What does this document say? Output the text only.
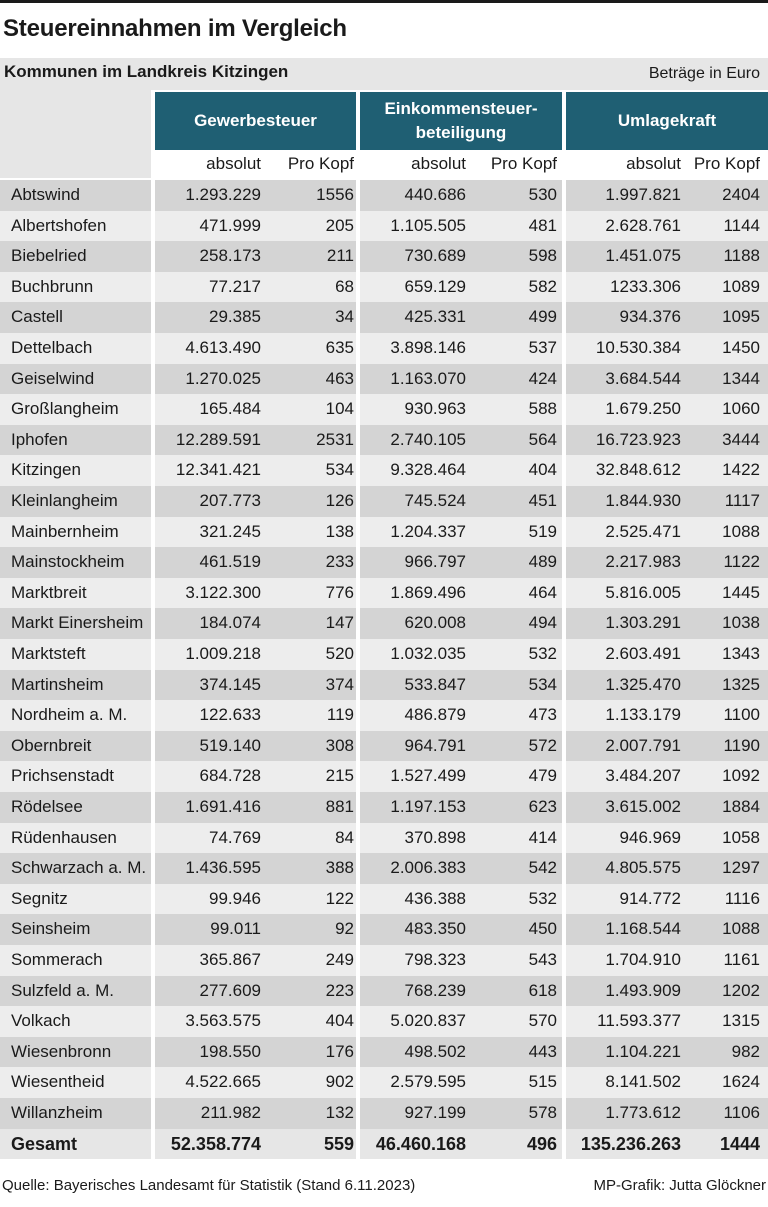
Steuereinnahmen im Vergleich
Kommunen im Landkreis Kitzingen	Beträge in Euro
Gewerbesteuer
Einkommensteuer-beteiligung
Umlagekraft
absolut Pro Kopf	absolut Pro Kopf	absolut Pro Kopf
Abtswind	1.293.229	1556	440.686	530	1.997.821 2404
Albertshofen	471.999	205 1.105.505	481	2.628.761 1144
Biebelried	258.173	211	730.689	598	1.451.075 1188
Buchbrunn	77.217	68	659.129	582	1233.306 1089
Castell	29.385	34	425.331	499	934.376 1095
Dettelbach	4.613.490	635 3.898.146	537 10.530.384 1450
Geiselwind	1.270.025	463 1.163.070	424	3.684.544 1344
Großlangheim	165.484	104	930.963	588	1.679.250 1060
Iphofen	12.289.591	2531 2.740.105	564 16.723.923 3444
Kitzingen	12.341.421	534 9.328.464	404 32.848.612 1422
Kleinlangheim	207.773	126	745.524	451	1.844.930	1117
Mainbernheim	321.245	138 1.204.337	519	2.525.471 1088
Mainstockheim	461.519	233	966.797	489	2.217.983 1122
Marktbreit	3.122.300	776 1.869.496	464	5.816.005 1445
Markt Einersheim	184.074	147	620.008	494	1.303.291 1038
Marktsteft	1.009.218	520 1.032.035	532	2.603.491 1343
Martinsheim	374.145	374	533.847	534	1.325.470 1325
Nordheim a. M.	122.633	119	486.879	473	1.133.179 1100
Obernbreit	519.140	308	964.791	572	2.007.791 1190
Prichsenstadt	684.728	215 1.527.499	479	3.484.207 1092
Rödelsee	1.691.416	881 1.197.153	623	3.615.002 1884
Rüdenhausen	74.769	84	370.898	414	946.969 1058
Schwarzach a. M. 1.436.595	388 2.006.383	542	4.805.575 1297
Segnitz	99.946	122	436.388	532	914.772	1116
Seinsheim	99.011	92	483.350	450	1.168.544 1088
Sommerach	365.867	249	798.323	543	1.704.910 1161
Sulzfeld a. M.	277.609	223	768.239	618	1.493.909 1202
Volkach	3.563.575	404 5.020.837	570 11.593.377 1315
Wiesenbronn	198.550	176	498.502	443	1.104.221	982
Wiesentheid	4.522.665	902 2.579.595	515	8.141.502 1624
Willanzheim	211.982	132	927.199	578	1.773.612 1106
Gesamt	52.358.774	559 46.460.168	496 135.236.263 1444
Quelle: Bayerisches Landesamt für Statistik (Stand 6.11.2023)	MP-Grafik: Jutta Glöckner
